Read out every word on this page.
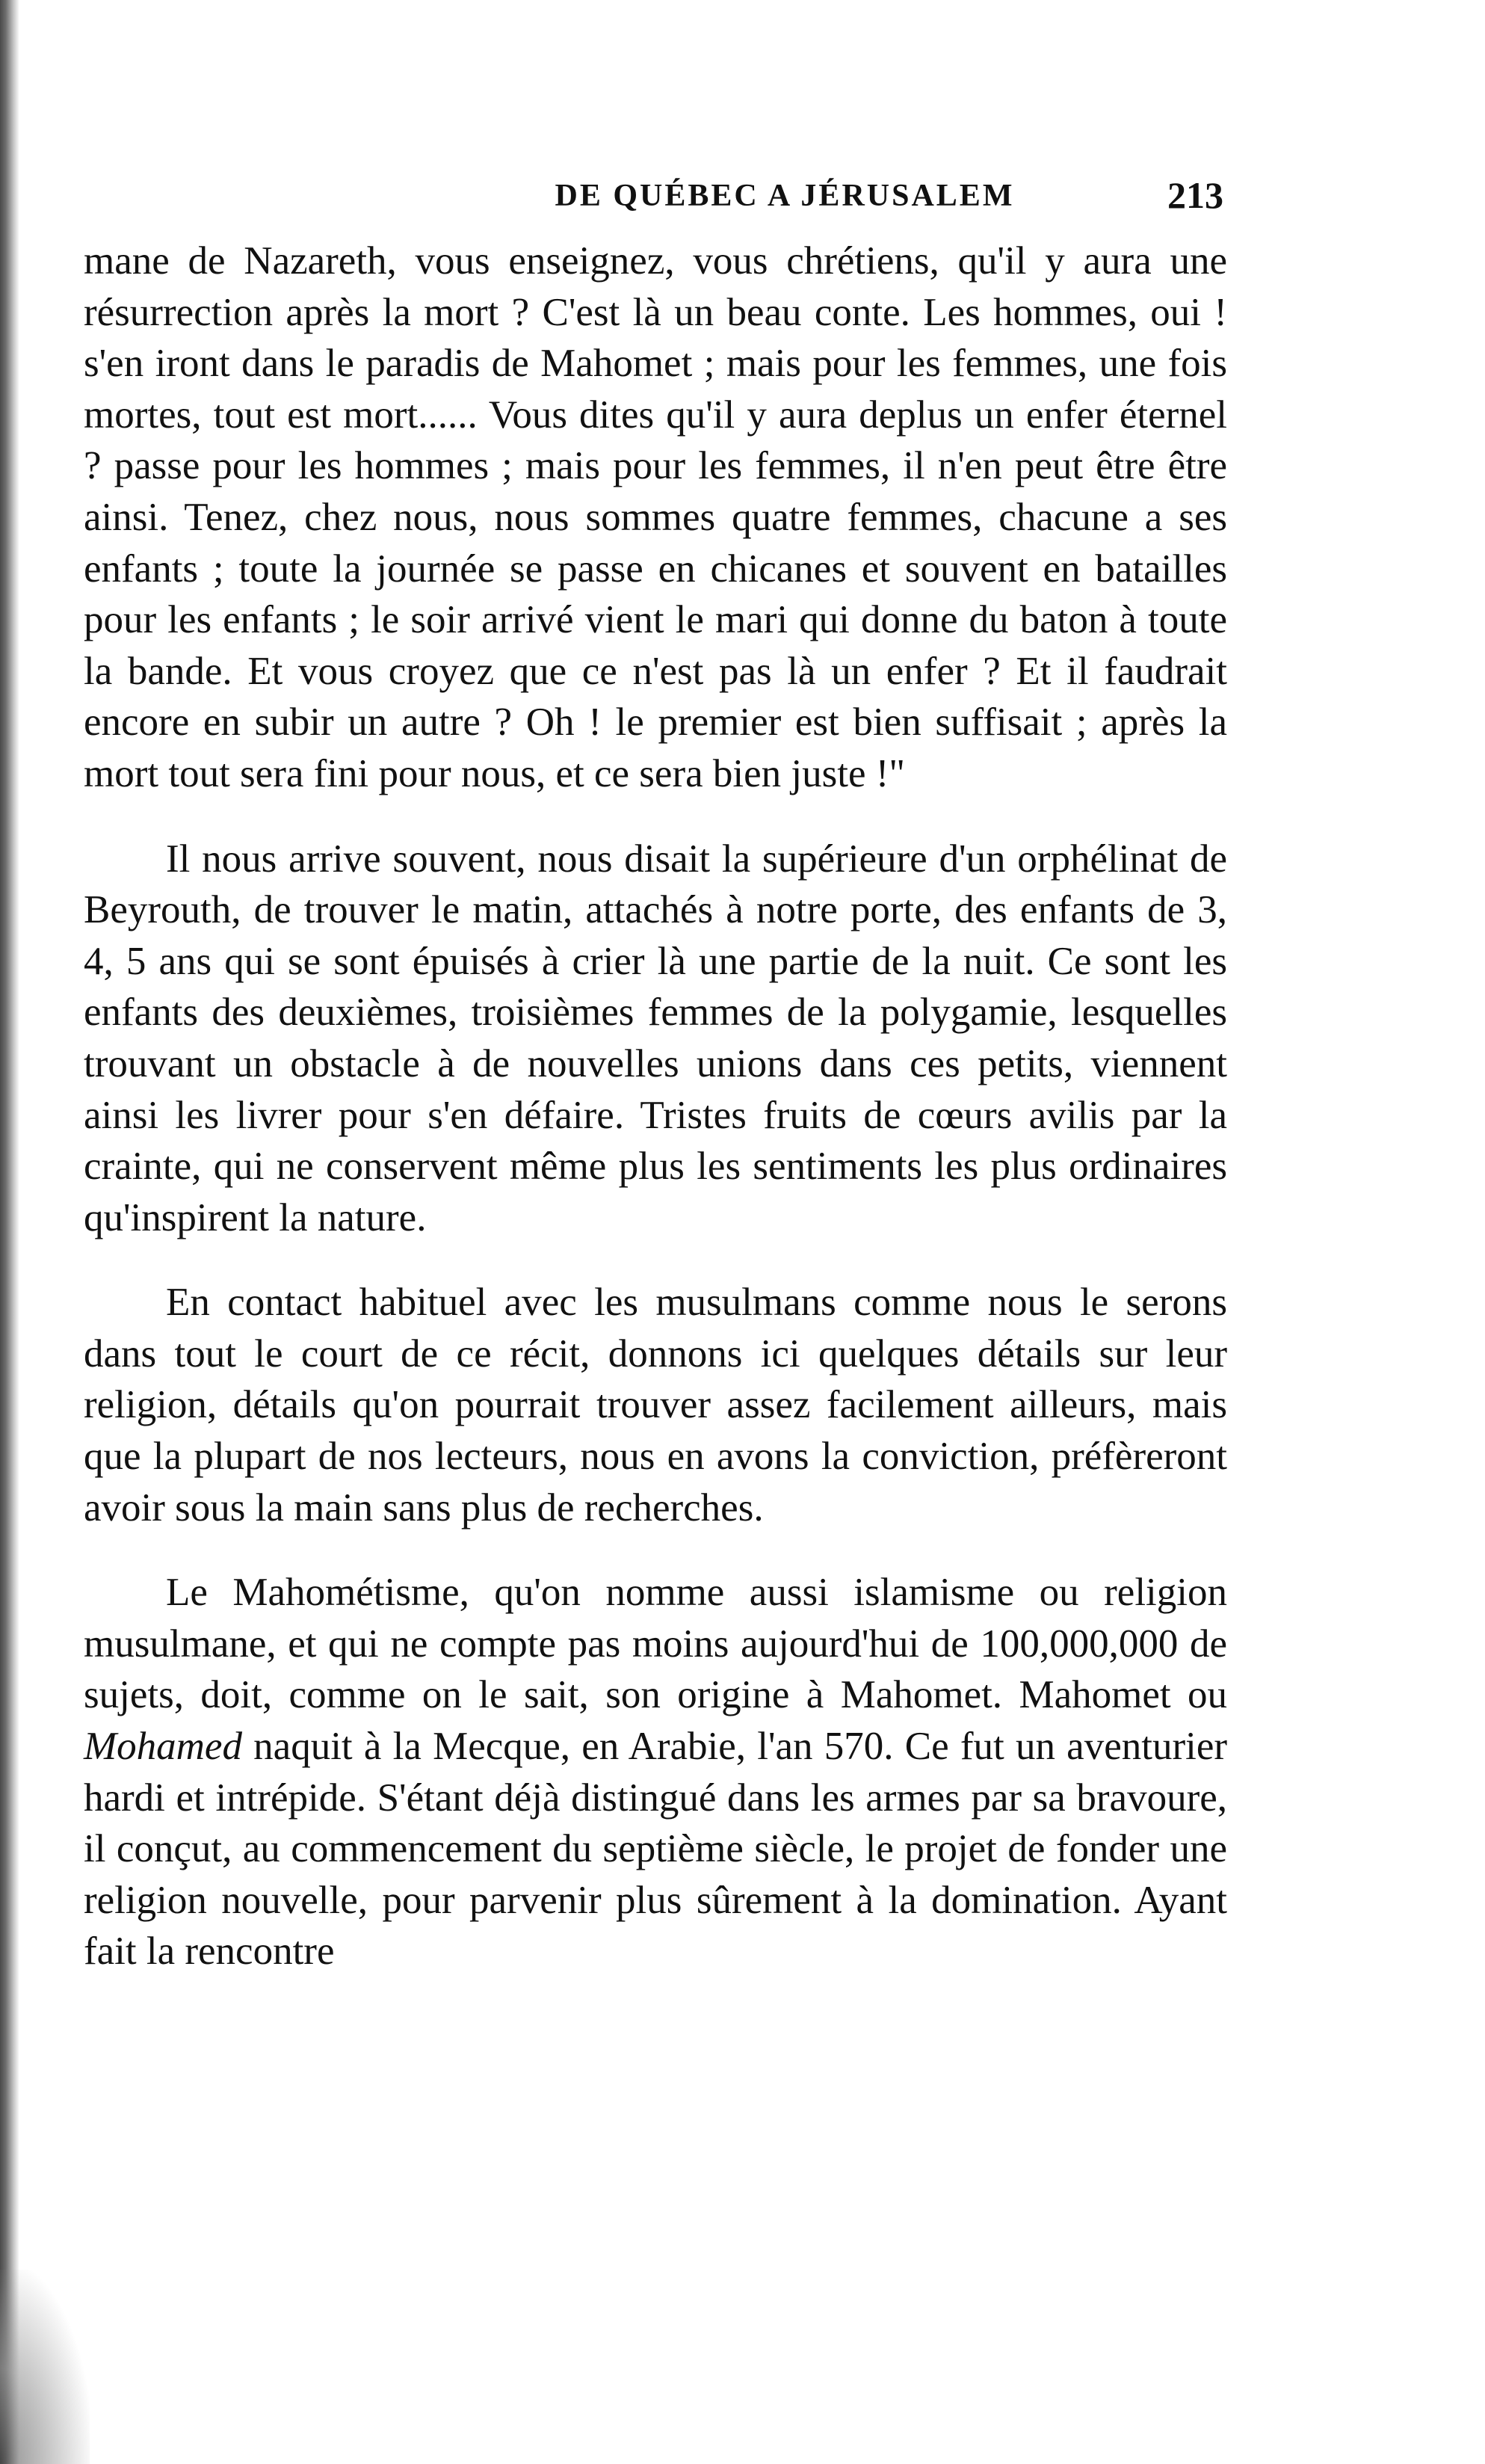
DE QUÉBEC A JÉRUSALEM	213

mane de Nazareth, vous enseignez, vous chrétiens, qu'il y aura une résurrection après la mort ? C'est là un beau conte. Les hommes, oui ! s'en iront dans le paradis de Mahomet ; mais pour les femmes, une fois mortes, tout est mort...... Vous dites qu'il y aura deplus un enfer éternel ? passe pour les hommes ; mais pour les femmes, il n'en peut être être ainsi. Tenez, chez nous, nous sommes quatre femmes, chacune a ses enfants ; toute la journée se passe en chicanes et souvent en batailles pour les enfants ; le soir arrivé vient le mari qui donne du baton à toute la bande. Et vous croyez que ce n'est pas là un enfer ? Et il faudrait encore en subir un autre ? Oh ! le premier est bien suffisait ; après la mort tout sera fini pour nous, et ce sera bien juste !"

Il nous arrive souvent, nous disait la supérieure d'un orphélinat de Beyrouth, de trouver le matin, attachés à notre porte, des enfants de 3, 4, 5 ans qui se sont épuisés à crier là une partie de la nuit. Ce sont les enfants des deuxièmes, troisièmes femmes de la polygamie, lesquelles trouvant un obstacle à de nouvelles unions dans ces petits, viennent ainsi les livrer pour s'en défaire. Tristes fruits de cœurs avilis par la crainte, qui ne conservent même plus les sentiments les plus ordinaires qu'inspirent la nature.

En contact habituel avec les musulmans comme nous le serons dans tout le court de ce récit, donnons ici quelques détails sur leur religion, détails qu'on pourrait trouver assez facilement ailleurs, mais que la plupart de nos lecteurs, nous en avons la conviction, préfèreront avoir sous la main sans plus de recherches.

Le Mahométisme, qu'on nomme aussi islamisme ou religion musulmane, et qui ne compte pas moins aujourd'hui de 100,000,000 de sujets, doit, comme on le sait, son origine à Mahomet. Mahomet ou Mohamed naquit à la Mecque, en Arabie, l'an 570. Ce fut un aventurier hardi et intrépide. S'étant déjà distingué dans les armes par sa bravoure, il conçut, au commencement du septième siècle, le projet de fonder une religion nouvelle, pour parvenir plus sûrement à la domination. Ayant fait la rencontre
